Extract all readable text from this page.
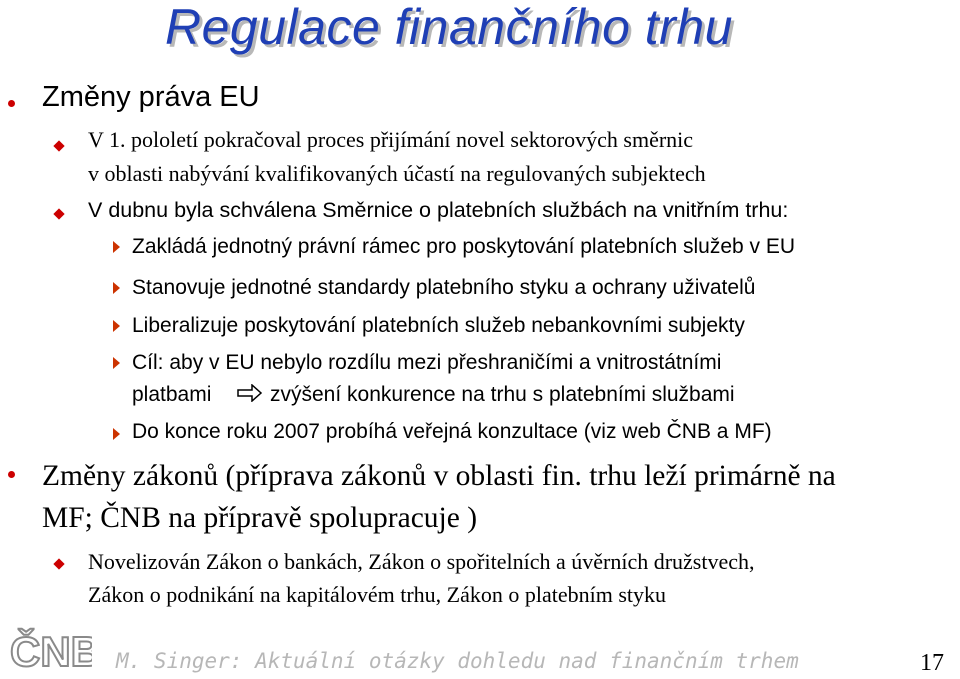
Regulace finančního trhu
Změny práva EU
V 1. pololetí pokračoval proces přijímání novel sektorových směrnic
v oblasti nabývání kvalifikovaných účastí na regulovaných subjektech
V dubnu byla schválena Směrnice o platebních službách na vnitřním trhu:
Zakládá jednotný právní rámec pro poskytování platebních služeb v EU
Stanovuje jednotné standardy platebního styku a ochrany uživatelů
Liberalizuje poskytování platebních služeb nebankovními subjekty
Cíl: aby v EU nebylo rozdílu mezi přeshraničími a vnitrostátními
platbami	zvýšení konkurence na trhu s platebními službami
Do konce roku 2007 probíhá veřejná konzultace (viz web ČNB a MF)
Změny zákonů (příprava zákonů v oblasti fin. trhu leží primárně na
MF; ČNB na přípravě spolupracuje )
Novelizován Zákon o bankách, Zákon o spořitelních a úvěrních družstvech,
Zákon o podnikání na kapitálovém trhu, Zákon o platebním styku
ČNB M. Singer: Aktuální otázky dohledu nad finančním trhem	17
